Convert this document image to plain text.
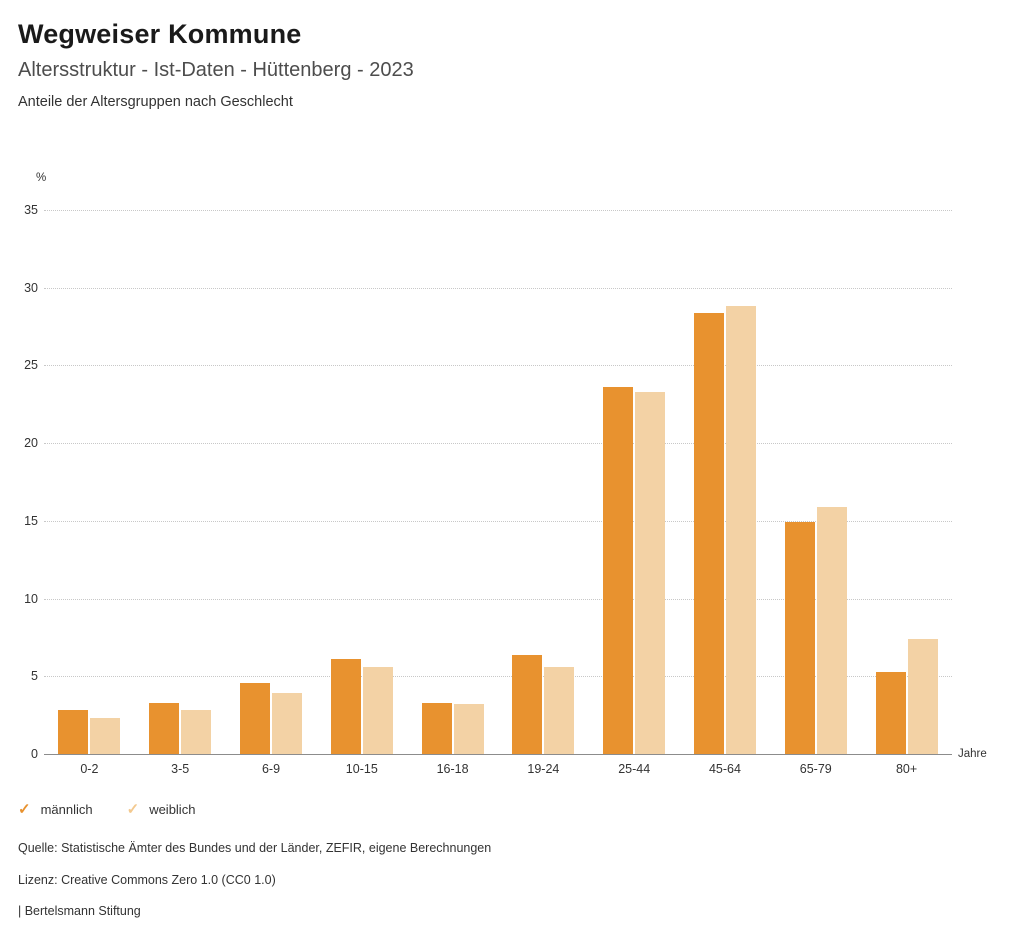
Wegweiser Kommune
Altersstruktur - Ist-Daten - Hüttenberg - 2023
Anteile der Altersgruppen nach Geschlecht
%
Jahre
0
5
10
15
20
25
30
35
0-2	3-5	6-9	10-15	16-18	19-24	25-44	45-64	65-79	80+
✓ männlich ✓ weiblich
Quelle: Statistische Ämter des Bundes und der Länder, ZEFIR, eigene Berechnungen
Lizenz: Creative Commons Zero 1.0 (CC0 1.0)
| Bertelsmann Stiftung
